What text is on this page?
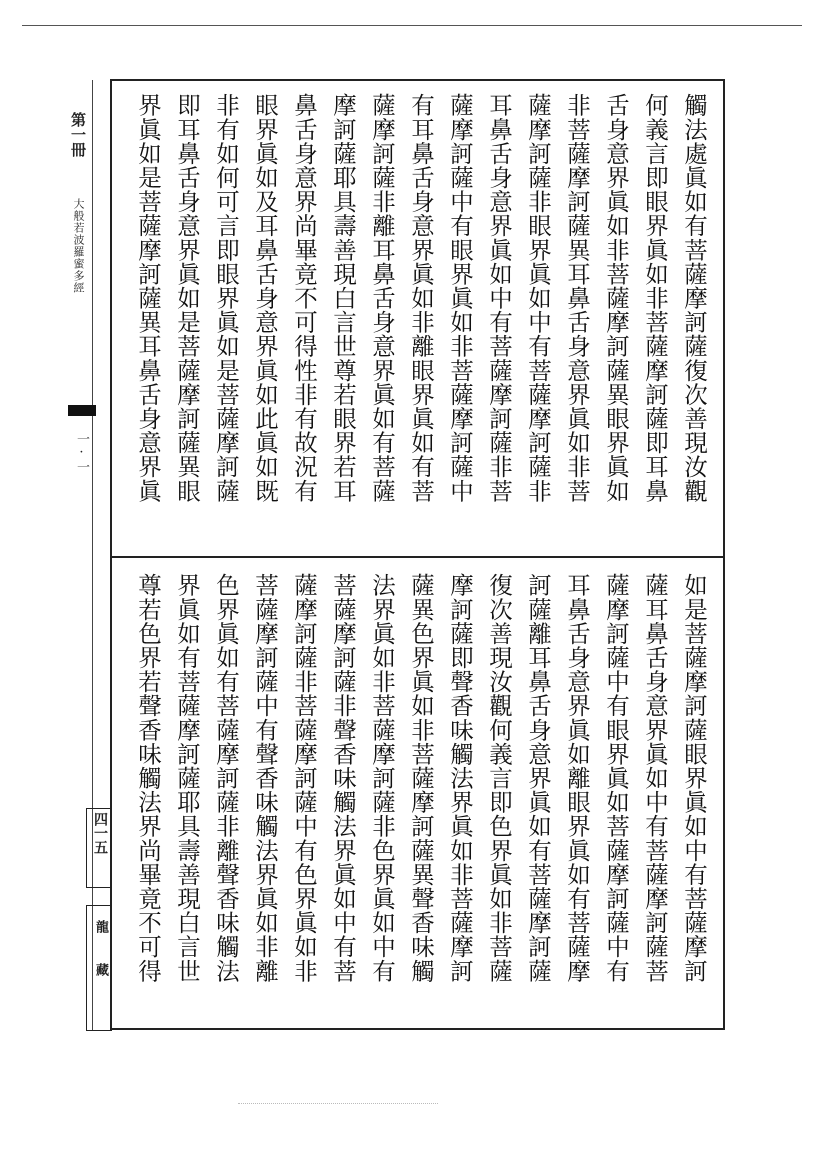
第一冊
大般若波羅蜜多經
一·一
四一五
龍藏
觸法處眞如有菩薩摩訶薩復次善現汝觀
何義言即眼界眞如非菩薩摩訶薩即耳鼻
舌身意界眞如非菩薩摩訶薩異眼界眞如
非菩薩摩訶薩異耳鼻舌身意界眞如非菩
薩摩訶薩非眼界眞如中有菩薩摩訶薩非
耳鼻舌身意界眞如中有菩薩摩訶薩非菩
薩摩訶薩中有眼界眞如非菩薩摩訶薩中
有耳鼻舌身意界眞如非離眼界眞如有菩
薩摩訶薩非離耳鼻舌身意界眞如有菩薩
摩訶薩耶具壽善現白言世尊若眼界若耳
鼻舌身意界尚畢竟不可得性非有故況有
眼界眞如及耳鼻舌身意界眞如此眞如既
非有如何可言即眼界眞如是菩薩摩訶薩
即耳鼻舌身意界眞如是菩薩摩訶薩異眼
界眞如是菩薩摩訶薩異耳鼻舌身意界眞
如是菩薩摩訶薩眼界眞如中有菩薩摩訶
薩耳鼻舌身意界眞如中有菩薩摩訶薩菩
薩摩訶薩中有眼界眞如菩薩摩訶薩中有
耳鼻舌身意界眞如離眼界眞如有菩薩摩
訶薩離耳鼻舌身意界眞如有菩薩摩訶薩
復次善現汝觀何義言即色界眞如非菩薩
摩訶薩即聲香味觸法界眞如非菩薩摩訶
薩異色界眞如非菩薩摩訶薩異聲香味觸
法界眞如非菩薩摩訶薩非色界眞如中有
菩薩摩訶薩非聲香味觸法界眞如中有菩
薩摩訶薩非菩薩摩訶薩中有色界眞如非
菩薩摩訶薩中有聲香味觸法界眞如非離
色界眞如有菩薩摩訶薩非離聲香味觸法
界眞如有菩薩摩訶薩耶具壽善現白言世
尊若色界若聲香味觸法界尚畢竟不可得
